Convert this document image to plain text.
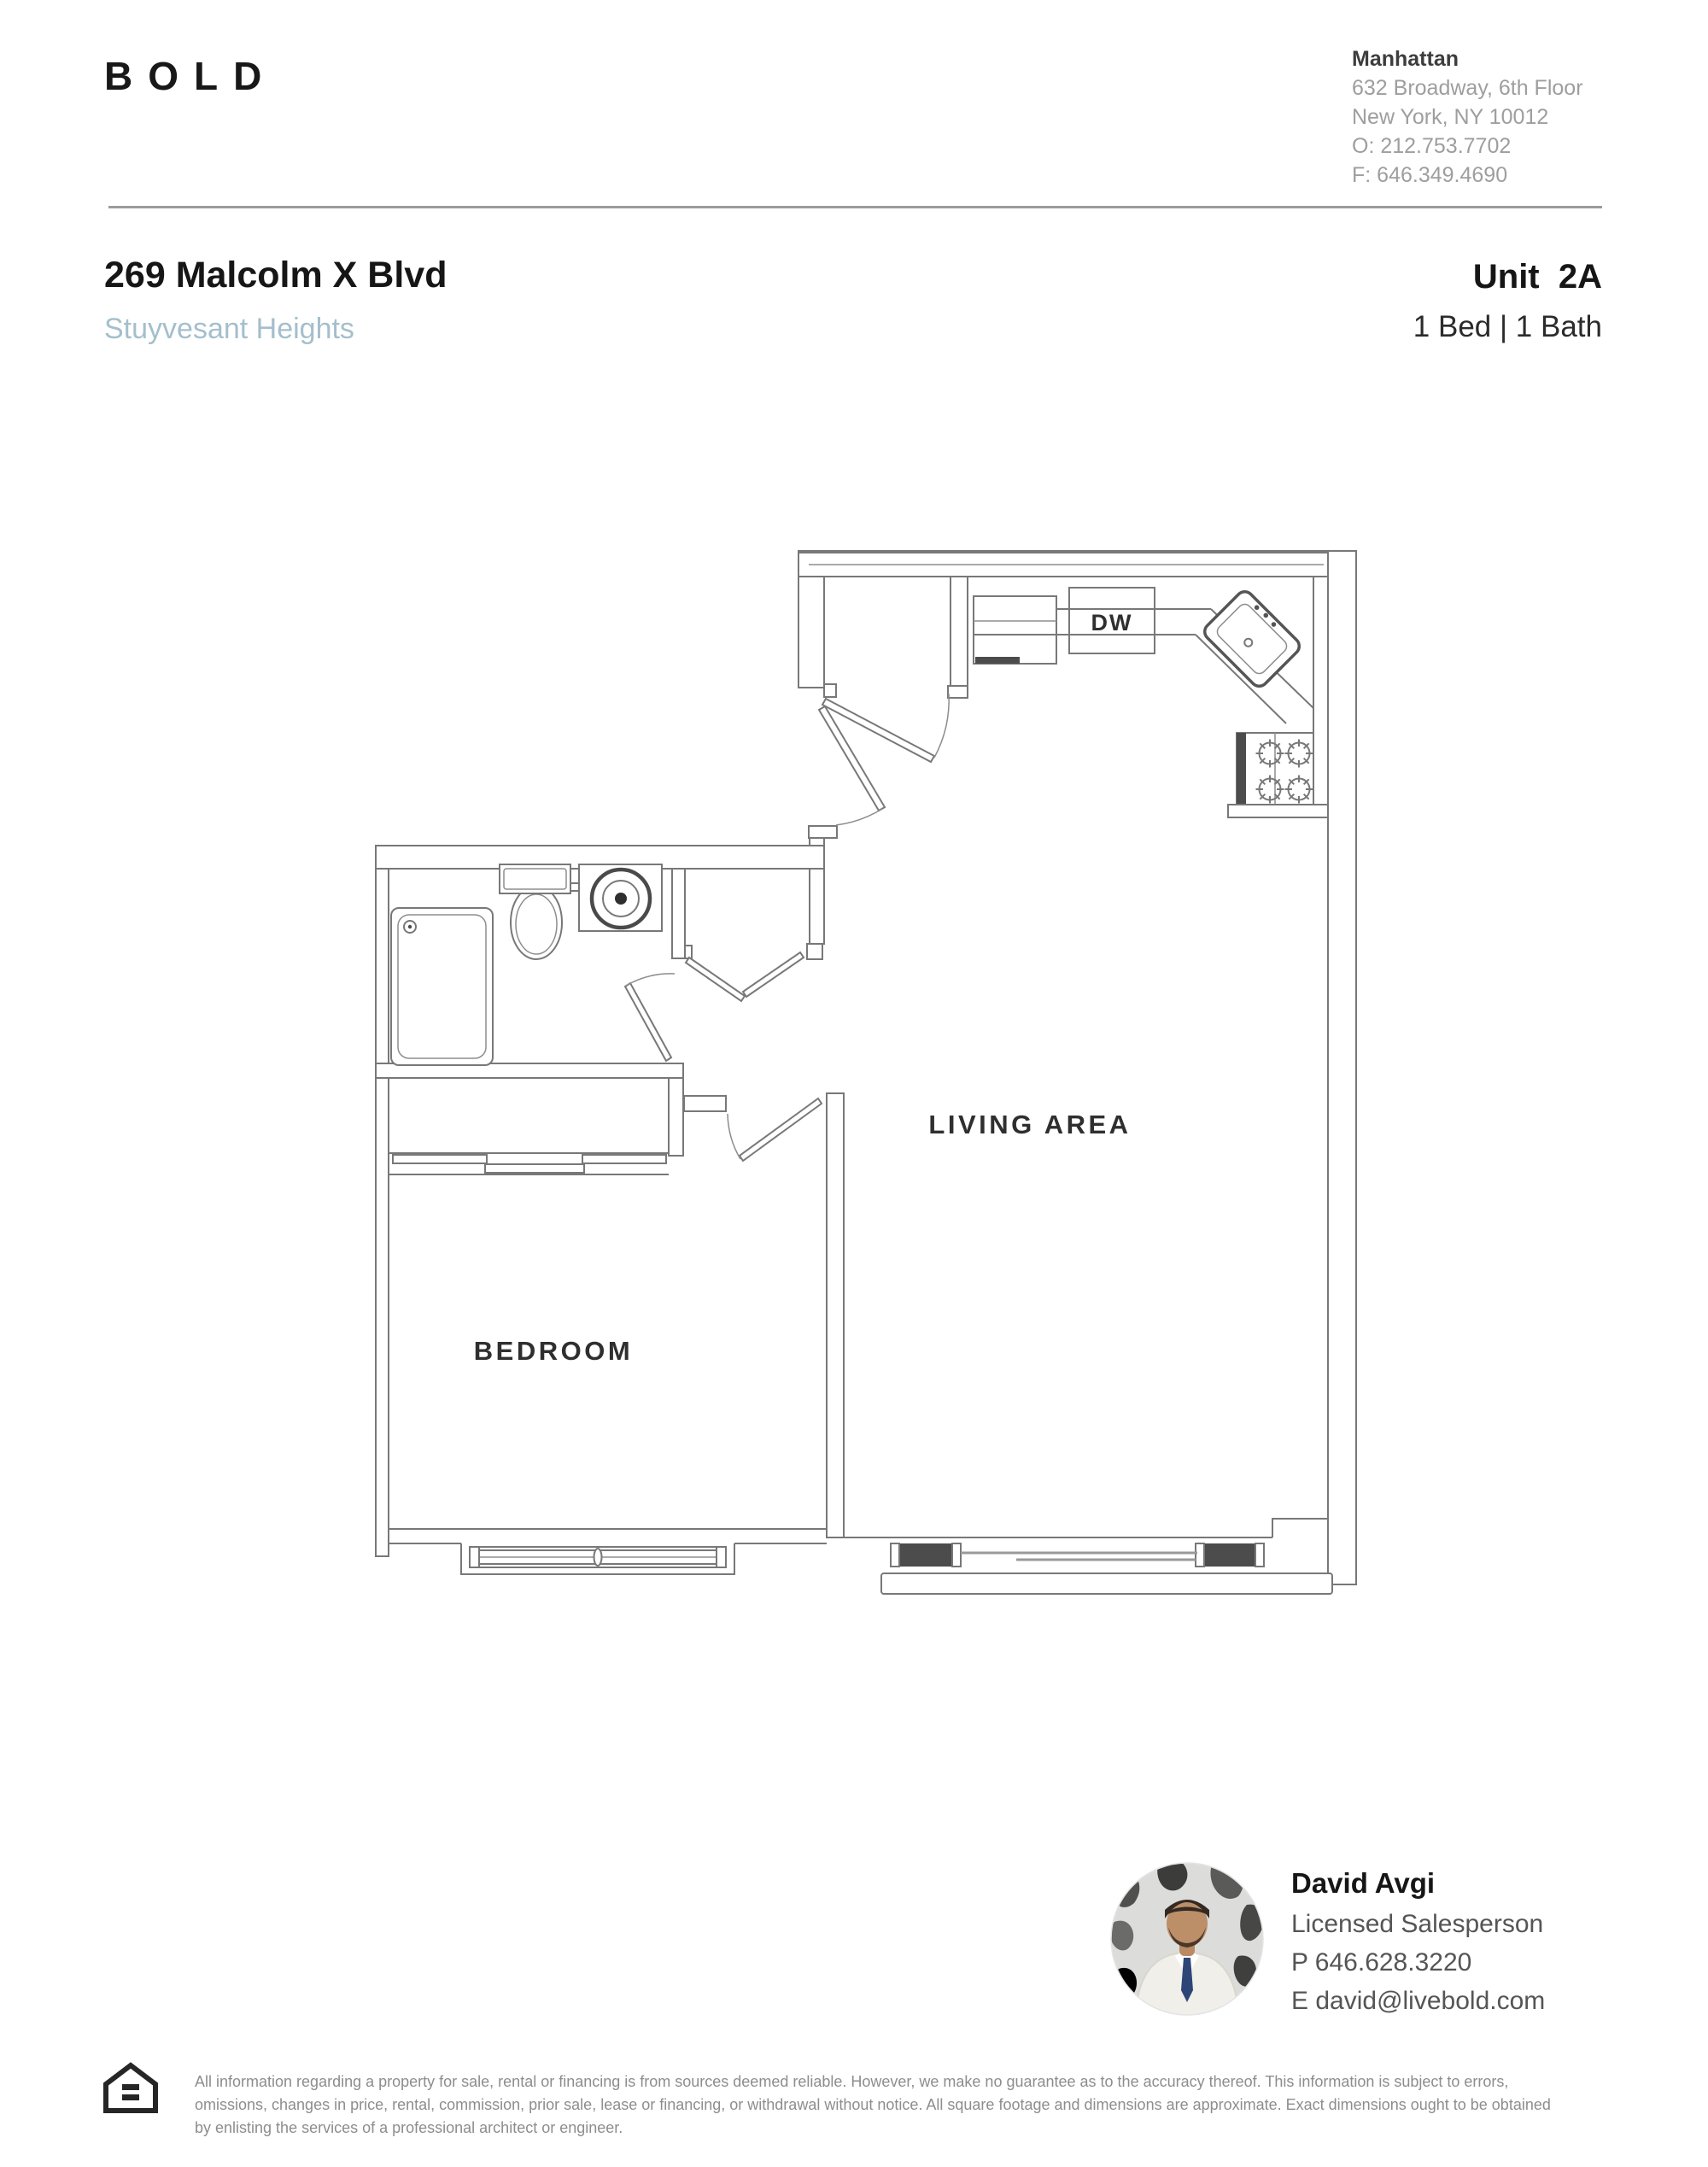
BOLD	Manhattan
632 Broadway, 6th Floor
New York, NY 10012
O: 212.753.7702
F: 646.349.4690
269 Malcolm X Blvd
Stuyvesant Heights
Unit  2A
1 Bed | 1 Bath
DW
BEDROOM
LIVING AREA
David Avgi
Licensed Salesperson
P 646.628.3220
E david@livebold.com
All information regarding a property for sale, rental or financing is from sources deemed reliable. However, we make no guarantee as to the accuracy thereof. This information is subject to errors, omissions, changes in price, rental, commission, prior sale, lease or financing, or withdrawal without notice. All square footage and dimensions are approximate. Exact dimensions ought to be obtained by enlisting the services of a professional architect or engineer.
